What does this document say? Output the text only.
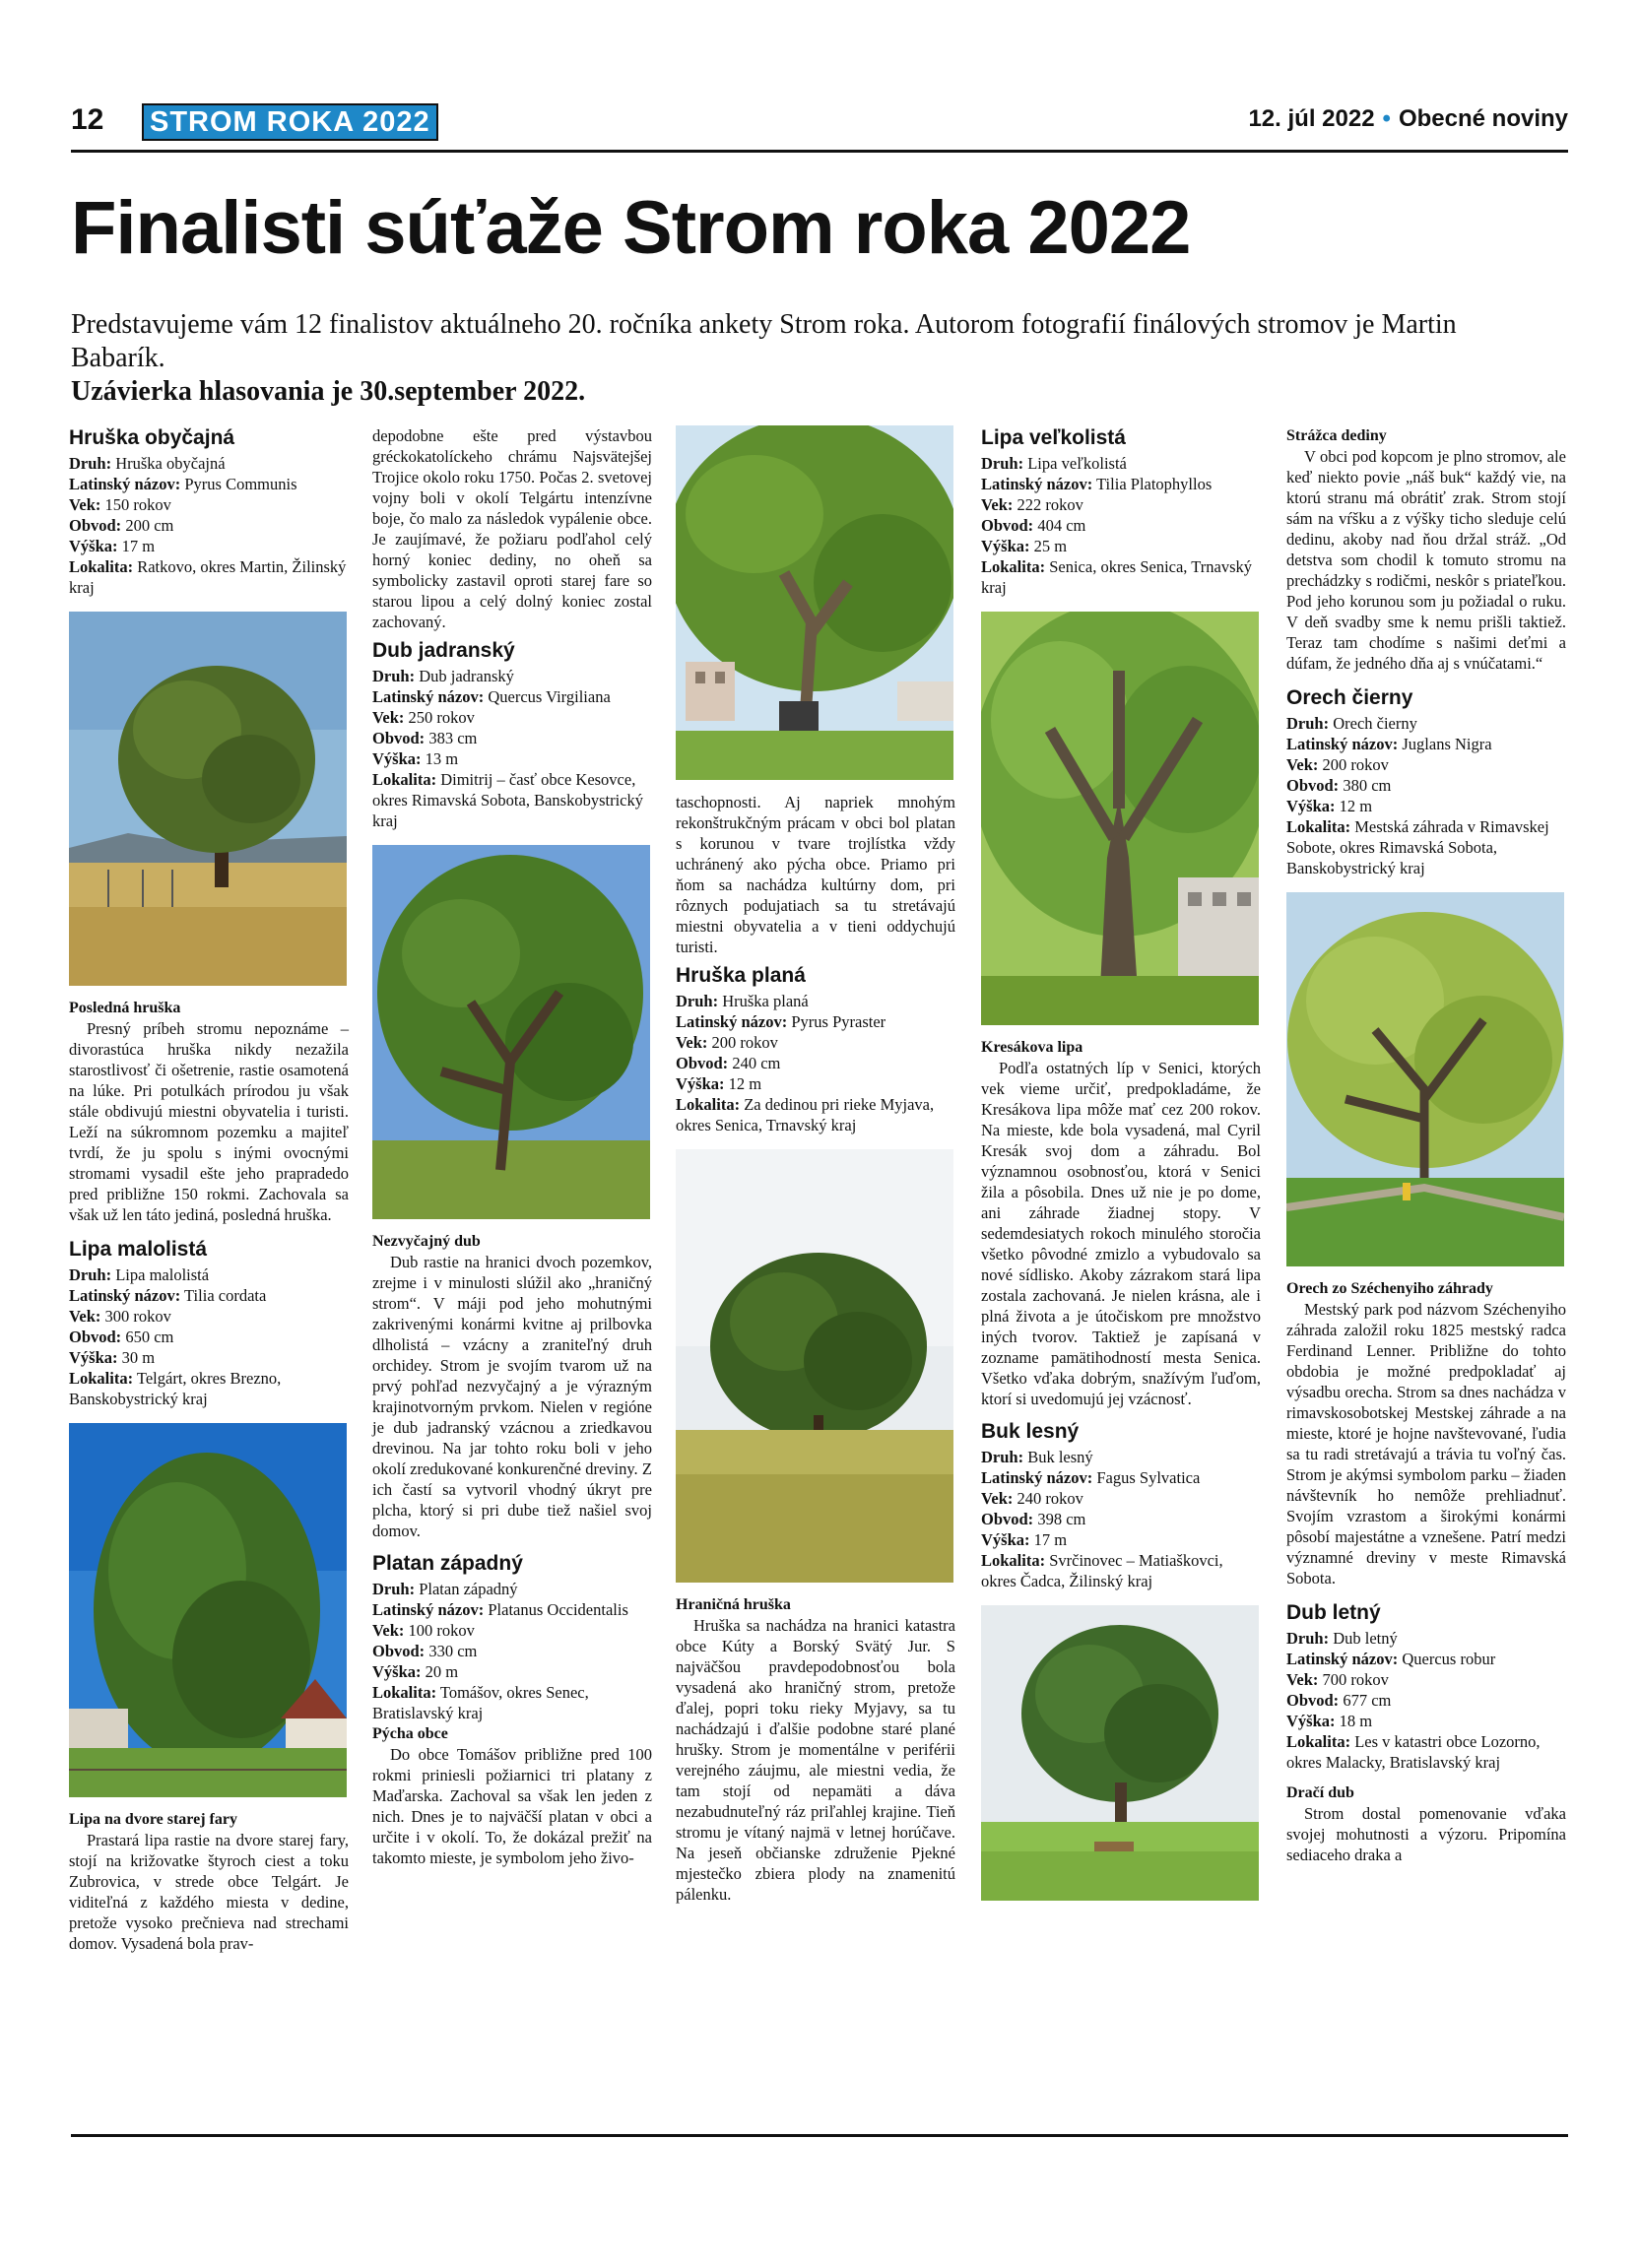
12 STROM ROKA 2022	12. júl 2022 • Obecné noviny
Finalisti súťaže Strom roka 2022

Predstavujeme vám 12 finalistov aktuálneho 20. ročníka ankety Strom roka. Autorom fotografií finálových stromov je Martin Babarík.
Uzávierka hlasovania je 30.september 2022.

Hruška obyčajná
Druh: Hruška obyčajná
Latinský názov: Pyrus Communis
Vek: 150 rokov
Obvod: 200 cm
Výška: 17 m
Lokalita: Ratkovo, okres Martin, Žilinský kraj
Posledná hruška

Presný príbeh stromu nepoznáme – divorastúca hruška nikdy nezažila starostlivosť či ošetrenie, rastie osamotená na lúke. Pri potulkách prírodou ju však stále obdivujú miestni obyvatelia i turisti. Leží na súkromnom pozemku a majiteľ tvrdí, že ju spolu s inými ovocnými stromami vysadil ešte jeho prapradedo pred približne 150 rokmi. Zachovala sa však už len táto jediná, posledná hruška.

Lipa malolistá
Druh: Lipa malolistá
Latinský názov: Tilia cordata
Vek: 300 rokov
Obvod: 650 cm
Výška: 30 m
Lokalita: Telgárt, okres Brezno, Banskobystrický kraj
Lipa na dvore starej fary

Prastará lipa rastie na dvore starej fary, stojí na križovatke štyroch ciest a toku Zubrovica, v strede obce Telgárt. Je viditeľná z každého miesta v dedine, pretože vysoko prečnieva nad strechami domov. Vysadená bola prav-

depodobne ešte pred výstavbou gréckokatolíckeho chrámu Najsvätejšej Trojice okolo roku 1750. Počas 2. svetovej vojny boli v okolí Telgártu intenzívne boje, čo malo za následok vypálenie obce. Je zaujímavé, že požiaru podľahol celý horný koniec dediny, no oheň sa symbolicky zastavil oproti starej fare so starou lipou a celý dolný koniec zostal zachovaný.

Dub jadranský
Druh: Dub jadranský
Latinský názov: Quercus Virgiliana
Vek: 250 rokov
Obvod: 383 cm
Výška: 13 m
Lokalita: Dimitrij – časť obce Kesovce, okres Rimavská Sobota, Banskobystrický kraj
Nezvyčajný dub

Dub rastie na hranici dvoch pozemkov, zrejme i v minulosti slúžil ako „hraničný strom“. V máji pod jeho mohutnými zakrivenými konármi kvitne aj prilbovka dlholistá – vzácny a zraniteľný druh orchidey. Strom je svojím tvarom už na prvý pohľad nezvyčajný a je výrazným krajinotvorným prvkom. Nielen v regióne je dub jadranský vzácnou a zriedkavou drevinou. Na jar tohto roku boli v jeho okolí zredukované konkurenčné dreviny. Z ich častí sa vytvoril vhodný úkryt pre plcha, ktorý si pri dube tiež našiel svoj domov.

Platan západný
Druh: Platan západný
Latinský názov: Platanus Occidentalis
Vek: 100 rokov
Obvod: 330 cm
Výška: 20 m
Lokalita: Tomášov, okres Senec, Bratislavský kraj
Pýcha obce

Do obce Tomášov približne pred 100 rokmi priniesli požiarnici tri platany z Maďarska. Zachoval sa však len jeden z nich. Dnes je to najväčší platan v obci a určite i v okolí. To, že dokázal prežiť na takomto mieste, je symbolom jeho živo-

taschopnosti. Aj napriek mnohým rekonštrukčným prácam v obci bol platan s korunou v tvare trojlístka vždy uchránený ako pýcha obce. Priamo pri ňom sa nachádza kultúrny dom, pri rôznych podujatiach sa tu stretávajú miestni obyvatelia a v tieni oddychujú turisti.

Hruška planá
Druh: Hruška planá
Latinský názov: Pyrus Pyraster
Vek: 200 rokov
Obvod: 240 cm
Výška: 12 m
Lokalita: Za dedinou pri rieke Myjava, okres Senica, Trnavský kraj
Hraničná hruška

Hruška sa nachádza na hranici katastra obce Kúty a Borský Svätý Jur. S najväčšou pravdepodobnosťou bola vysadená ako hraničný strom, pretože ďalej, popri toku rieky Myjavy, sa tu nachádzajú i ďalšie podobne staré plané hrušky. Strom je momentálne v periférii verejného záujmu, ale miestni vedia, že tam stojí od nepamäti a dáva nezabudnuteľný ráz priľahlej krajine. Tieň stromu je vítaný najmä v letnej horúčave. Na jeseň občianske združenie Pjekné mjestečko zbiera plody na znamenitú pálenku.

Lipa veľkolistá
Druh: Lipa veľkolistá
Latinský názov: Tilia Platophyllos
Vek: 222 rokov
Obvod: 404 cm
Výška: 25 m
Lokalita: Senica, okres Senica, Trnavský kraj
Kresákova lipa

Podľa ostatných líp v Senici, ktorých vek vieme určiť, predpokladáme, že Kresákova lipa môže mať cez 200 rokov. Na mieste, kde bola vysadená, mal Cyril Kresák svoj dom a záhradu. Bol významnou osobnosťou, ktorá v Senici žila a pôsobila. Dnes už nie je po dome, ani záhrade žiadnej stopy. V sedemdesiatych rokoch minulého storočia všetko pôvodné zmizlo a vybudovalo sa nové sídlisko. Akoby zázrakom stará lipa zostala zachovaná. Je nielen krásna, ale i plná života a je útočiskom pre množstvo iných tvorov. Taktiež je zapísaná v zozname pamätihodností mesta Senica. Všetko vďaka dobrým, snažívým ľuďom, ktorí si uvedomujú jej vzácnosť.

Buk lesný
Druh: Buk lesný
Latinský názov: Fagus Sylvatica
Vek: 240 rokov
Obvod: 398 cm
Výška: 17 m
Lokalita: Svrčinovec – Matiaškovci, okres Čadca, Žilinský kraj
Strážca dediny

V obci pod kopcom je plno stromov, ale keď niekto povie „náš buk“ každý vie, na ktorú stranu má obrátiť zrak. Strom stojí sám na vŕšku a z výšky ticho sleduje celú dedinu, akoby nad ňou držal stráž. „Od detstva som chodil k tomuto stromu na prechádzky s rodičmi, neskôr s priateľkou. Pod jeho korunou som ju požiadal o ruku. V deň svadby sme k nemu prišli taktiež. Teraz tam chodíme s našimi deťmi a dúfam, že jedného dňa aj s vnúčatami.“

Orech čierny
Druh: Orech čierny
Latinský názov: Juglans Nigra
Vek: 200 rokov
Obvod: 380 cm
Výška: 12 m
Lokalita: Mestská záhrada v Rimavskej Sobote, okres Rimavská Sobota, Banskobystrický kraj
Orech zo Széchenyiho záhrady

Mestský park pod názvom Széchenyiho záhrada založil roku 1825 mestský radca Ferdinand Lenner. Približne do tohto obdobia je možné predpokladať aj výsadbu orecha. Strom sa dnes nachádza v rimavskosobotskej Mestskej záhrade a na mieste, ktoré je hojne navštevované, ľudia sa tu radi stretávajú a trávia tu voľný čas. Strom je akýmsi symbolom parku – žiaden návštevník ho nemôže prehliadnuť. Svojím vzrastom a širokými konármi pôsobí majestátne a vznešene. Patrí medzi významné dreviny v meste Rimavská Sobota.

Dub letný
Druh: Dub letný
Latinský názov: Quercus robur
Vek: 700 rokov
Obvod: 677 cm
Výška: 18 m
Lokalita: Les v katastri obce Lozorno, okres Malacky, Bratislavský kraj
Dračí dub

Strom dostal pomenovanie vďaka svojej mohutnosti a výzoru. Pripomína sediaceho draka a
